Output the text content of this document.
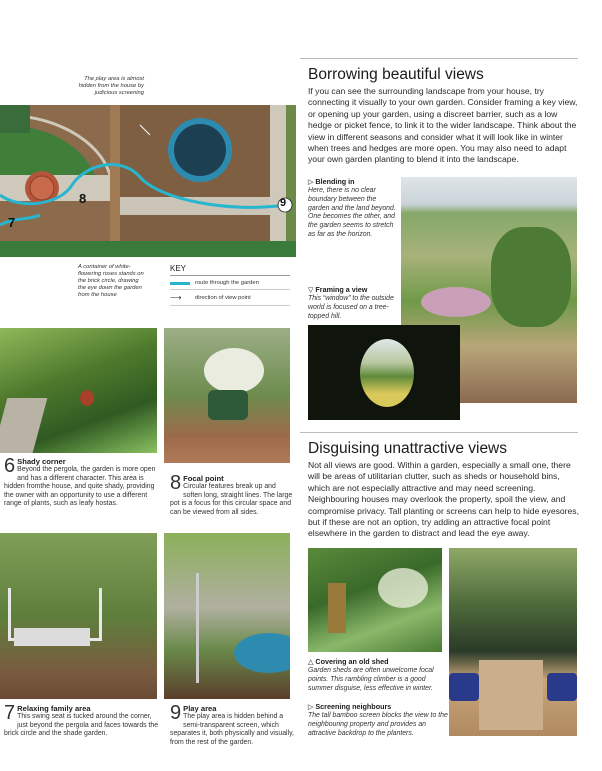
7
8	9
The play area is almost hidden from the house by judicious screening
A container of white-flowering roses stands on the brick circle, drawing the eye down the garden from the house
KEY
route through the garden
⟶	direction of view point
6 Shady corner
Beyond the pergola, the garden is more open and has a different character. This area is hidden fromthe house, and quite shady, providing the owner with an opportunity to use a different range of plants, such as leafy hostas.
8 Focal point
Circular features break up and soften long, straight lines. The large pot is a focus for this circular space and can be viewed from all sides.
7 Relaxing family area
This swing seat is tucked around the corner, just beyond the pergola and faces towards the brick circle and the shade garden.
9 Play area
The play area is hidden behind a semi-transparent screen, which separates it, both physically and visually, from the rest of the garden.
Borrowing beautiful views
If you can see the surrounding landscape from your house, try connecting it visually to your own garden. Consider framing a key view, or opening up your garden, using a discreet barrier, such as a low hedge or picket fence, to link it to the wider landscape. Think about the view in different seasons and consider what it will look like in winter when trees and hedges are more open. You may also need to adapt your own garden planting to blend it into the landscape.
▷ Blending in
Here, there is no clear boundary between the garden and the land beyond. One becomes the other, and the garden seems to stretch as far as the horizon.
▽ Framing a view
This “window” to the outside world is focused on a tree-topped hill.
Disguising unattractive views
Not all views are good. Within a garden, especially a small one, there will be areas of utilitarian clutter, such as sheds or household bins, which are not especially attractive and may need screening. Neighbouring houses may overlook the property, spoil the view, and compromise privacy. Tall planting or screens can help to hide eyesores, but if these are not an option, try adding an attractive focal point elsewhere in the garden to distract and lead the eye away.
△ Covering an old shed
Garden sheds are often unwelcome focal points. This rambling climber is a good summer disguise, less effective in winter.
▷ Screening neighbours
The tall bamboo screen blocks the view to the neighbouring property and provides an attractive backdrop to the planters.
